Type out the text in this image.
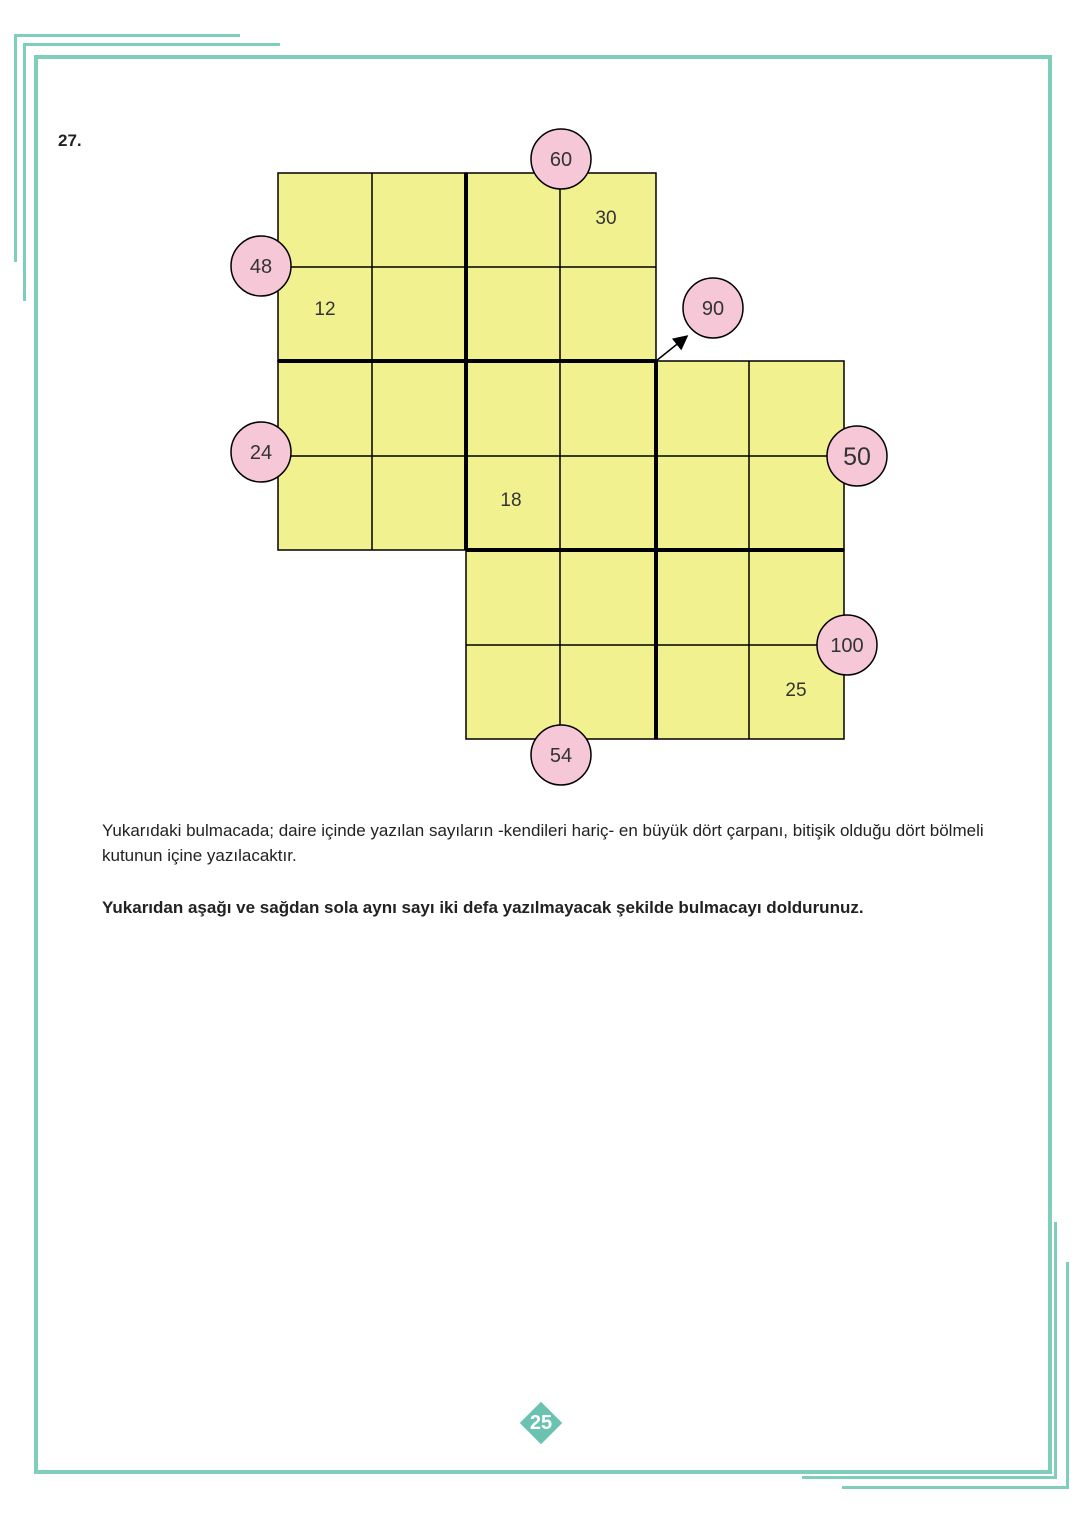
27.
30
12
18
25
60
48
90
24	50
100
54

Yukarıdaki bulmacada; daire içinde yazılan sayıların -kendileri hariç- en büyük dört çarpanı, bitişik olduğu dört bölmeli kutunun içine yazılacaktır.

Yukarıdan aşağı ve sağdan sola aynı sayı iki defa yazılmayacak şekilde bulmacayı doldurunuz.

25
